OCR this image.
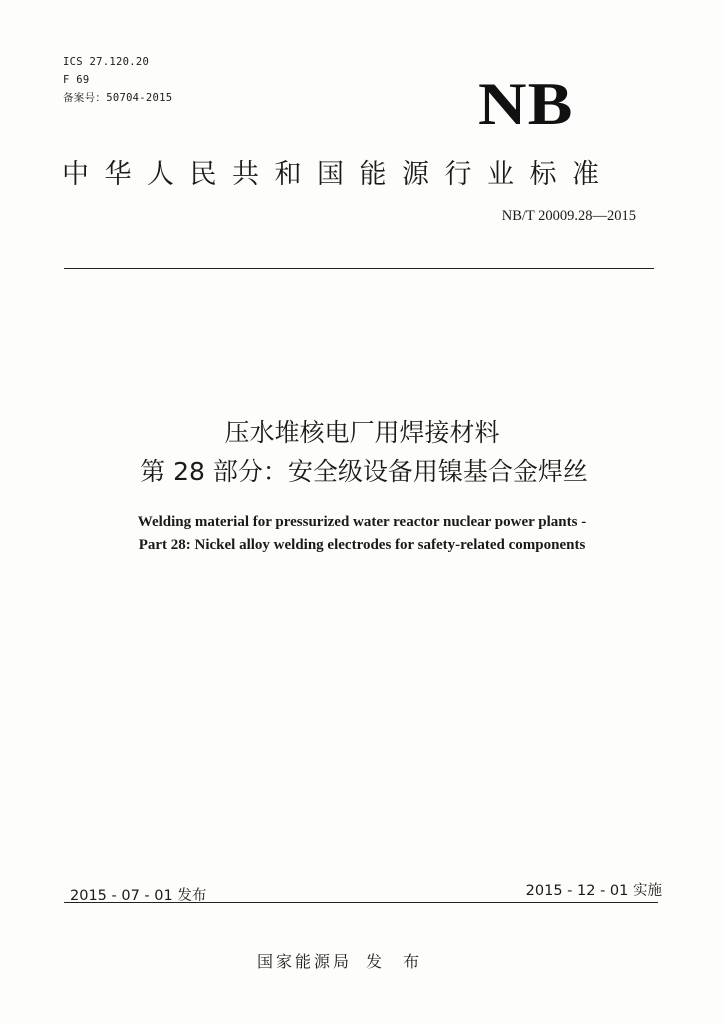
ICS 27.120.20
F 69
备案号：50704-2015	NB
中华人民共和国能源行业标准
NB/T 20009.28—2015
压水堆核电厂用焊接材料
第 28 部分：安全级设备用镍基合金焊丝
Welding material for pressurized water reactor nuclear power plants -
Part 28: Nickel alloy welding electrodes for safety-related components
2015 - 07 - 01 发布	2015 - 12 - 01 实施
国家能源局 发 布
